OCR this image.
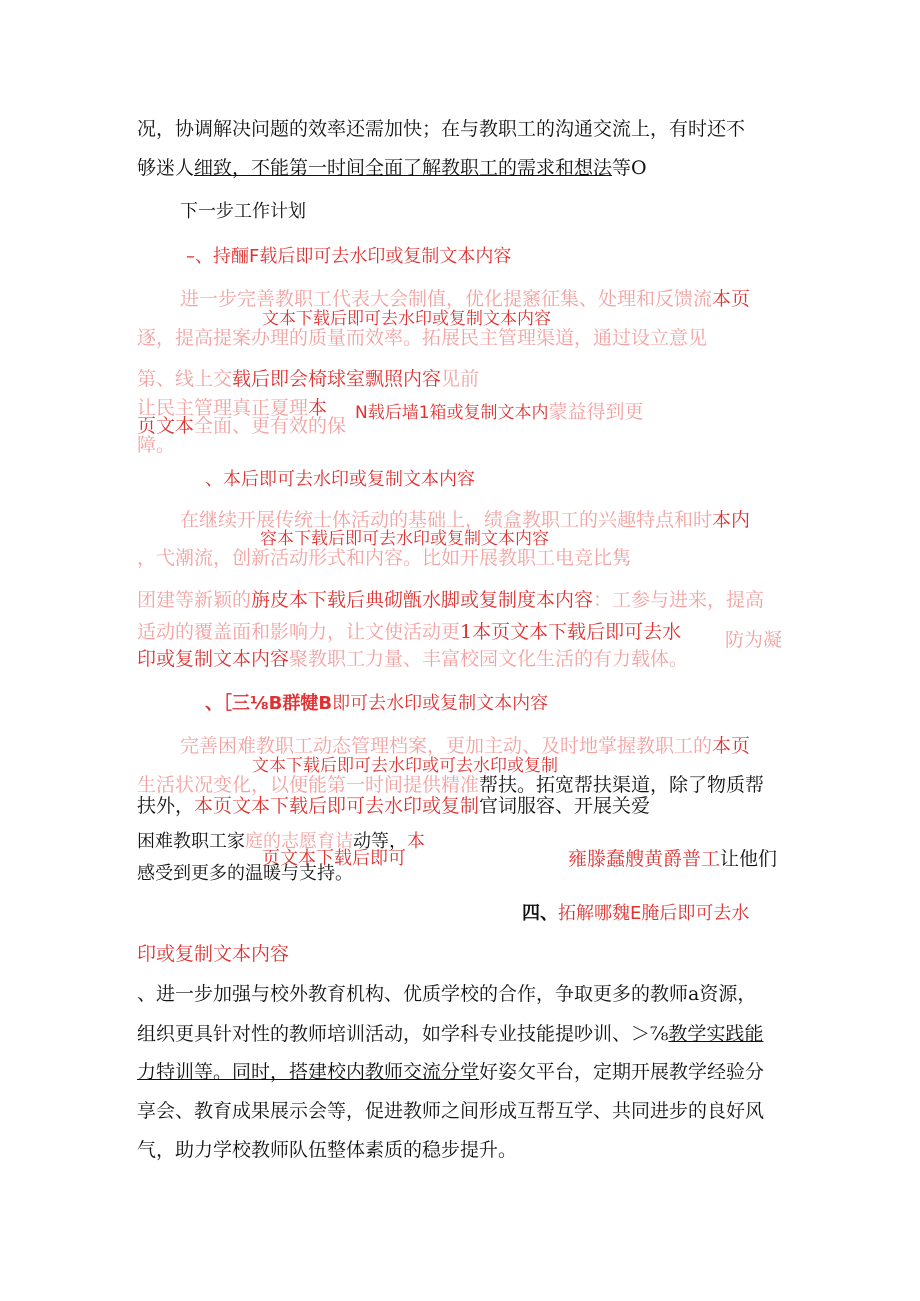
况，协调解决问题的效率还需加快；在与教职工的沟通交流上，有时还不
够迷人细致，不能第一时间全面了解教职工的需求和想法等O
下一步工作计划
–、持酾F载后即可去水印或复制文本内容
进一步完善教职工代表大会制值，优化提窸征集、处理和反馈流本页
文本下载后即可去水印或复制文本内容
逐，提高提案办理的质量而效率。拓展民主管理渠道，通过设立意见
第、线上交载后即会椅球室飘照内容见前
让民主管理真正夏理本 N载后墙1箱或复制文本内蒙益得到更
页文本全面、更有效的保
障。
、本后即可去水印或复制文本内容
在继续开展传统士体活动的基础上，绩盒教职工的兴趣特点和时本内
容本下载后即可去水印或复制文本内容
，弋潮流，创新活动形式和内容。比如开展教职工电竞比隽
团建等新颖的旃皮本下载后典砌甑水脚或复制度本内容：工参与进来，提高
适动的覆盖面和影响力，让文使活动更1本页文本下载后即可去水 防为凝
印或复制文本内容聚教职工力量、丰富校园文化生活的有力载体。
、［三⅛B群犍B即可去水印或复制文本内容
完善困难教职工动态管理档案，更加主动、及时地掌握教职工的本页
文本下载后即可去水印或可去水印或复制
生活状况变化，以便能第一时间提供精准帮扶。拓宽帮扶渠道，除了物质帮
扶外，本页文本下载后即可去水印或复制官词服容、开展关爱
困难教职工家庭的志愿育诘动等，本
页文本下载后即可	雍滕蠢艘黄爵普工让他们
感受到更多的温暖与支持。
四、拓解哪魏E腌后即可去水
印或复制文本内容
、进一步加强与校外教育机构、优质学校的合作，争取更多的教师a资源，
组织更具针对性的教师培训活动，如学科专业技能提吵训、＞⅞教学实践能
力特训等。同时，搭建校内教师交流分堂好姿攵平台，定期开展教学经验分
享会、教育成果展示会等，促进教师之间形成互帮互学、共同进步的良好风
气，助力学校教师队伍整体素质的稳步提升。
